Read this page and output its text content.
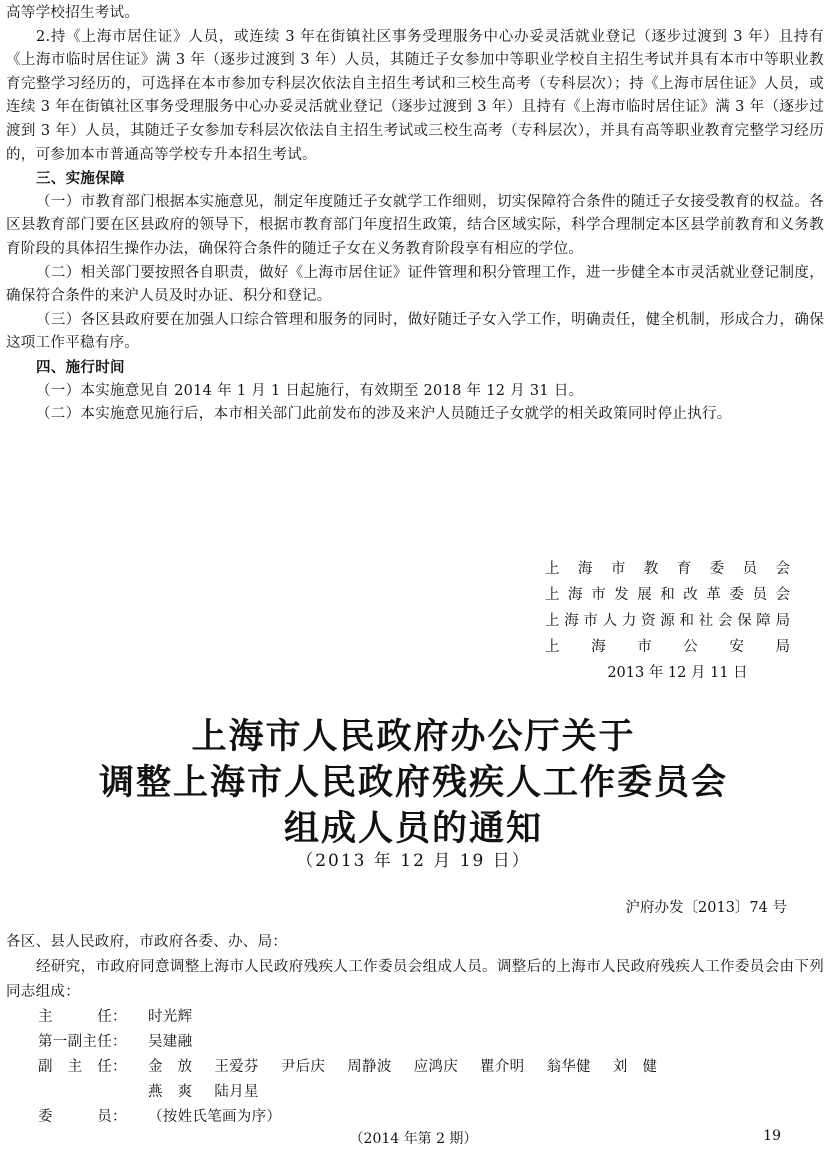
高等学校招生考试。

2.持《上海市居住证》人员，或连续 3 年在街镇社区事务受理服务中心办妥灵活就业登记（逐步过渡到 3 年）且持有《上海市临时居住证》满 3 年（逐步过渡到 3 年）人员，其随迁子女参加中等职业学校自主招生考试并具有本市中等职业教育完整学习经历的，可选择在本市参加专科层次依法自主招生考试和三校生高考（专科层次）；持《上海市居住证》人员，或连续 3 年在街镇社区事务受理服务中心办妥灵活就业登记（逐步过渡到 3 年）且持有《上海市临时居住证》满 3 年（逐步过渡到 3 年）人员，其随迁子女参加专科层次依法自主招生考试或三校生高考（专科层次），并具有高等职业教育完整学习经历的，可参加本市普通高等学校专升本招生考试。

三、实施保障

（一）市教育部门根据本实施意见，制定年度随迁子女就学工作细则，切实保障符合条件的随迁子女接受教育的权益。各区县教育部门要在区县政府的领导下，根据市教育部门年度招生政策，结合区域实际，科学合理制定本区县学前教育和义务教育阶段的具体招生操作办法，确保符合条件的随迁子女在义务教育阶段享有相应的学位。

（二）相关部门要按照各自职责，做好《上海市居住证》证件管理和积分管理工作，进一步健全本市灵活就业登记制度，确保符合条件的来沪人员及时办证、积分和登记。

（三）各区县政府要在加强人口综合管理和服务的同时，做好随迁子女入学工作，明确责任，健全机制，形成合力，确保这项工作平稳有序。

四、施行时间

（一）本实施意见自 2014 年 1 月 1 日起施行，有效期至 2018 年 12 月 31 日。

（二）本实施意见施行后，本市相关部门此前发布的涉及来沪人员随迁子女就学的相关政策同时停止执行。

上海市教育委员会
上海市发展和改革委员会
上海市人力资源和社会保障局
上海市公安局
2013 年 12 月 11 日
上海市人民政府办公厅关于
调整上海市人民政府残疾人工作委员会
组成人员的通知
（2013 年 12 月 19 日）
沪府办发〔2013〕74 号

各区、县人民政府，市政府各委、办、局：

经研究，市政府同意调整上海市人民政府残疾人工作委员会组成人员。调整后的上海市人民政府残疾人工作委员会由下列同志组成：

主　　　任：	时光辉
第一副主任：	吴建融
副　主　任：	金　放 王爱芬 尹后庆 周静波 应鸿庆 瞿介明 翁华健 刘　健
燕　爽 陆月星
委　　　员：	（按姓氏笔画为序）
（2014 年第 2 期）	19
